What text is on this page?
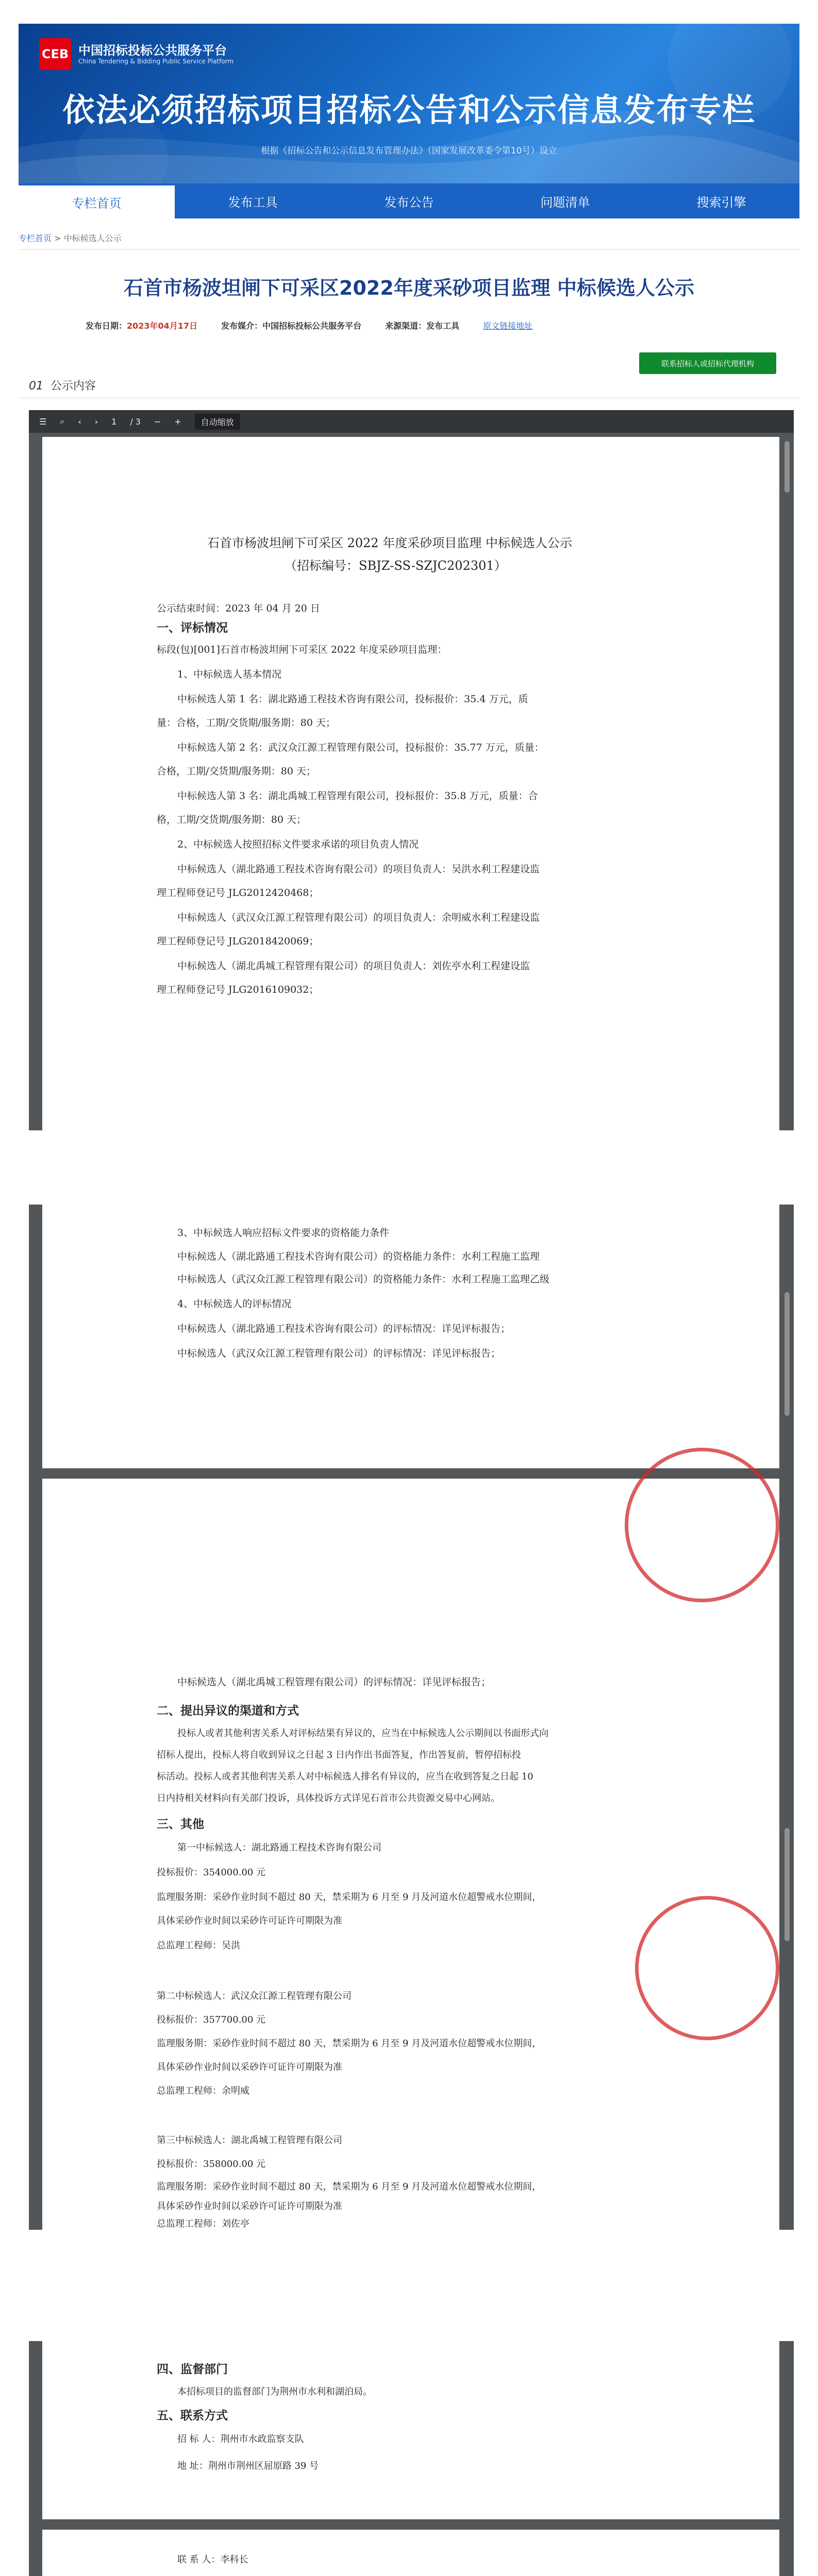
CEB 中国招标投标公共服务平台
China Tendering & Bidding Public Service Platform
依法必须招标项目招标公告和公示信息发布专栏
根据《招标公告和公示信息发布管理办法》（国家发展改革委令第10号）设立
专栏首页	发布工具	发布公告	问题清单	搜索引擎
专栏首页 > 中标候选人公示
石首市杨波坦闸下可采区2022年度采砂项目监理 中标候选人公示
发布日期：2023年04月17日	发布媒介：中国招标投标公共服务平台	来源渠道：发布工具	原文链接地址
联系招标人或招标代理机构
01 公示内容
☰ ⌕ ‹ › 1 / 3 − +	自动缩放

石首市杨波坦闸下可采区 2022 年度采砂项目监理 中标候选人公示

（招标编号：SBJZ-SS-SZJC202301）

公示结束时间：2023 年 04 月 20 日

一、评标情况

标段(包)[001]石首市杨波坦闸下可采区 2022 年度采砂项目监理：

1、中标候选人基本情况

中标候选人第 1 名：湖北路通工程技术咨询有限公司，投标报价：35.4 万元，质

量：合格，工期/交货期/服务期：80 天；

中标候选人第 2 名：武汉众江源工程管理有限公司，投标报价：35.77 万元，质量：

合格，工期/交货期/服务期：80 天；

中标候选人第 3 名：湖北禹城工程管理有限公司，投标报价：35.8 万元，质量：合

格，工期/交货期/服务期：80 天；

2、中标候选人按照招标文件要求承诺的项目负责人情况

中标候选人（湖北路通工程技术咨询有限公司）的项目负责人：吴洪水利工程建设监

理工程师登记号 JLG2012420468；

中标候选人（武汉众江源工程管理有限公司）的项目负责人：余明威水利工程建设监

理工程师登记号 JLG2018420069；

中标候选人（湖北禹城工程管理有限公司）的项目负责人：刘佐亭水利工程建设监

理工程师登记号 JLG2016109032；

3、中标候选人响应招标文件要求的资格能力条件

中标候选人（湖北路通工程技术咨询有限公司）的资格能力条件：水利工程施工监理

中标候选人（武汉众江源工程管理有限公司）的资格能力条件：水利工程施工监理乙级

4、中标候选人的评标情况

中标候选人（湖北路通工程技术咨询有限公司）的评标情况：详见评标报告；

中标候选人（武汉众江源工程管理有限公司）的评标情况：详见评标报告；

中标候选人（湖北禹城工程管理有限公司）的评标情况：详见评标报告；

二、提出异议的渠道和方式

投标人或者其他利害关系人对评标结果有异议的，应当在中标候选人公示期间以书面形式向

招标人提出，投标人将自收到异议之日起 3 日内作出书面答复，作出答复前，暂停招标投

标活动。投标人或者其他利害关系人对中标候选人排名有异议的，应当在收到答复之日起 10

日内持相关材料向有关部门投诉，具体投诉方式详见石首市公共资源交易中心网站。

三、其他

第一中标候选人：湖北路通工程技术咨询有限公司

投标报价：354000.00 元

监理服务期：采砂作业时间不超过 80 天，禁采期为 6 月至 9 月及河道水位超警戒水位期间，

具体采砂作业时间以采砂许可证许可期限为准

总监理工程师：吴洪

第二中标候选人：武汉众江源工程管理有限公司

投标报价：357700.00 元

监理服务期：采砂作业时间不超过 80 天，禁采期为 6 月至 9 月及河道水位超警戒水位期间，

具体采砂作业时间以采砂许可证许可期限为准

总监理工程师：余明威

第三中标候选人：湖北禹城工程管理有限公司

投标报价：358000.00 元

监理服务期：采砂作业时间不超过 80 天，禁采期为 6 月至 9 月及河道水位超警戒水位期间，

具体采砂作业时间以采砂许可证许可期限为准

总监理工程师：刘佐亭

四、监督部门

本招标项目的监督部门为荆州市水利和湖泊局。

五、联系方式

招 标 人：荆州市水政监察支队

地 址：荆州市荆州区屈原路 39 号

联 系 人：李科长
